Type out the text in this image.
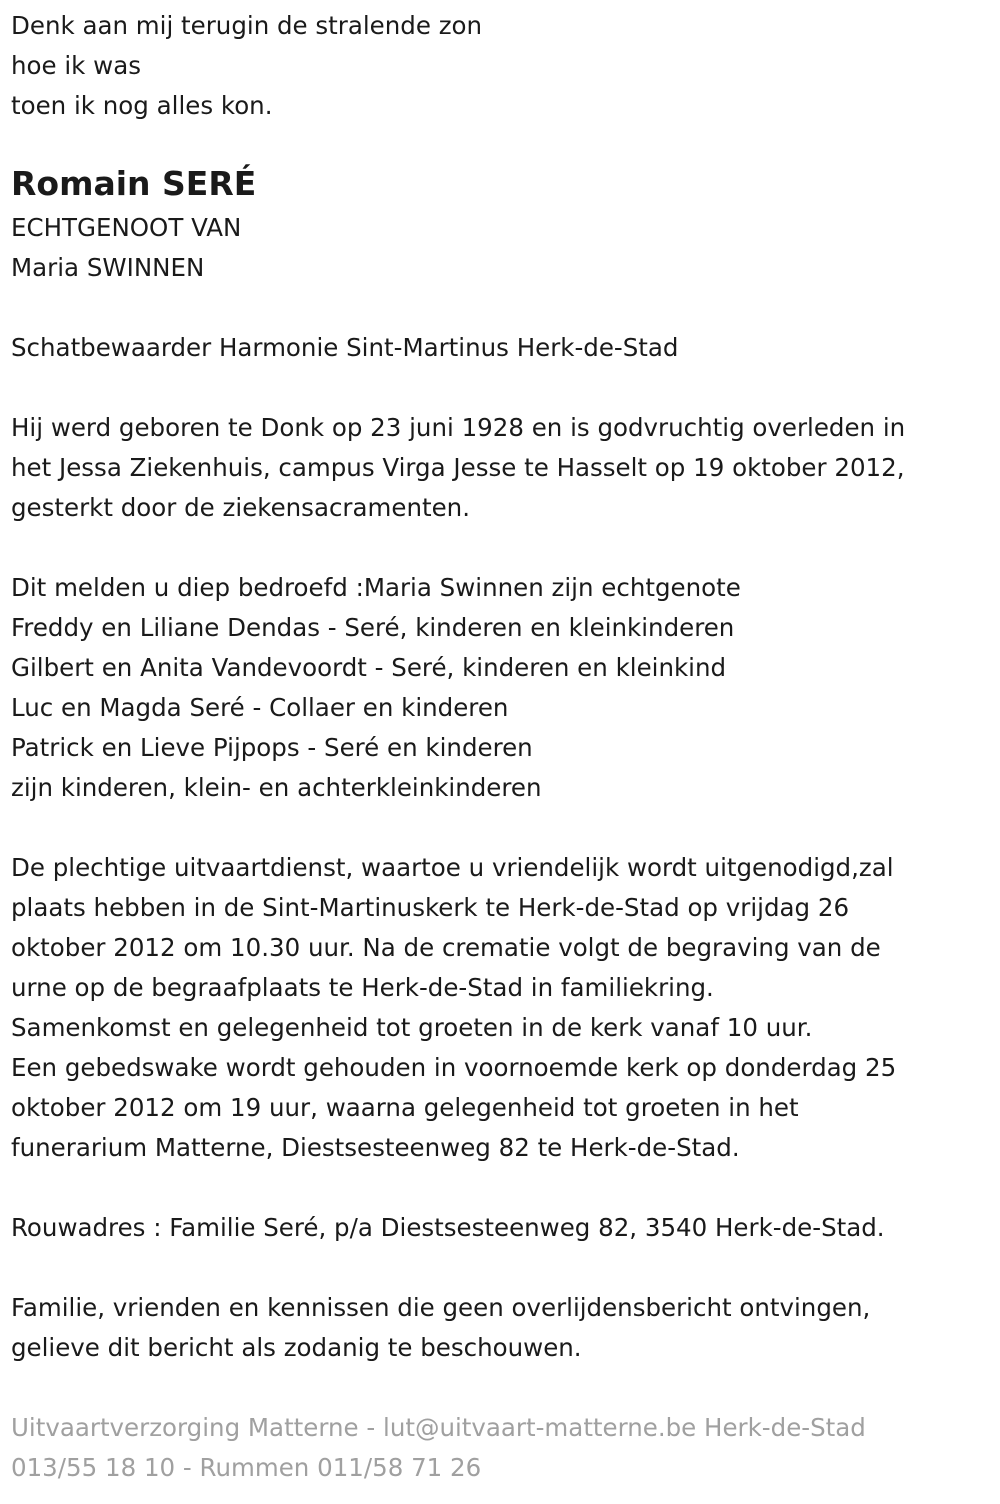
Denk aan mij terugin de stralende zon
hoe ik was
toen ik nog alles kon.
Romain SERÉ
ECHTGENOOT VAN
Maria SWINNEN
Schatbewaarder Harmonie Sint-Martinus Herk-de-Stad
Hij werd geboren te Donk op 23 juni 1928 en is godvruchtig overleden in
het Jessa Ziekenhuis, campus Virga Jesse te Hasselt op 19 oktober 2012,
gesterkt door de ziekensacramenten.
Dit melden u diep bedroefd :Maria Swinnen zijn echtgenote
Freddy en Liliane Dendas - Seré, kinderen en kleinkinderen
Gilbert en Anita Vandevoordt - Seré, kinderen en kleinkind
Luc en Magda Seré - Collaer en kinderen
Patrick en Lieve Pijpops - Seré en kinderen
zijn kinderen, klein- en achterkleinkinderen
De plechtige uitvaartdienst, waartoe u vriendelijk wordt uitgenodigd,zal
plaats hebben in de Sint-Martinuskerk te Herk-de-Stad op vrijdag 26
oktober 2012 om 10.30 uur. Na de crematie volgt de begraving van de
urne op de begraafplaats te Herk-de-Stad in familiekring.
Samenkomst en gelegenheid tot groeten in de kerk vanaf 10 uur.
Een gebedswake wordt gehouden in voornoemde kerk op donderdag 25
oktober 2012 om 19 uur, waarna gelegenheid tot groeten in het
funerarium Matterne, Diestsesteenweg 82 te Herk-de-Stad.
Rouwadres : Familie Seré, p/a Diestsesteenweg 82, 3540 Herk-de-Stad.
Familie, vrienden en kennissen die geen overlijdensbericht ontvingen,
gelieve dit bericht als zodanig te beschouwen.
Uitvaartverzorging Matterne - lut@uitvaart-matterne.be Herk-de-Stad
013/55 18 10 - Rummen 011/58 71 26
